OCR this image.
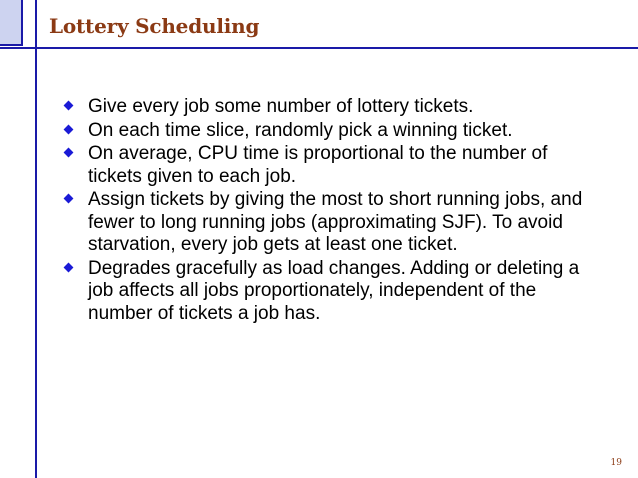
Lottery Scheduling
Give every job some number of lottery tickets.
On each time slice, randomly pick a winning ticket.
On average, CPU time is proportional to the number of tickets given to each job.
Assign tickets by giving the most to short running jobs, and fewer to long running jobs (approximating SJF). To avoid starvation, every job gets at least one ticket.
Degrades gracefully as load changes. Adding or deleting a job affects all jobs proportionately, independent of the number of tickets a job has.
19
